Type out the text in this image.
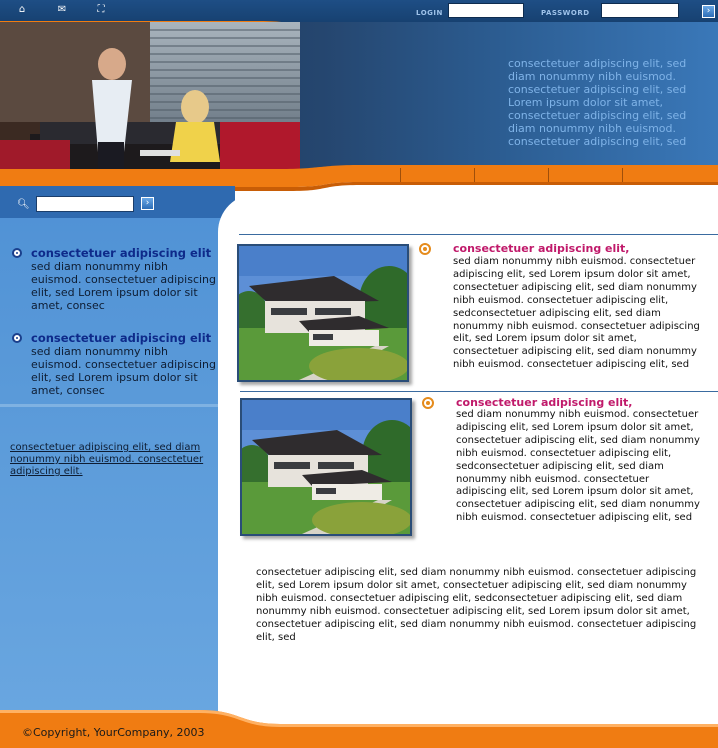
⌂	✉	⛶	LOGIN	PASSWORD	›
consectetuer adipiscing elit, sed diam nonummy nibh euismod. consectetuer adipiscing elit, sed Lorem ipsum dolor sit amet, consectetuer adipiscing elit, sed diam nonummy nibh euismod. consectetuer adipiscing elit, sed
🔍︎	›
consectetuer adipiscing elit
sed diam nonummy nibh euismod. consectetuer adipiscing elit, sed Lorem ipsum dolor sit amet, consec
consectetuer adipiscing elit
sed diam nonummy nibh euismod. consectetuer adipiscing elit, sed Lorem ipsum dolor sit amet, consec
consectetuer adipiscing elit, sed diam nonummy nibh euismod. consectetuer adipiscing elit.
consectetuer adipiscing elit,
sed diam nonummy nibh euismod. consectetuer adipiscing elit, sed Lorem ipsum dolor sit amet, consectetuer adipiscing elit, sed diam nonummy nibh euismod. consectetuer adipiscing elit, sedconsectetuer adipiscing elit, sed diam nonummy nibh euismod. consectetuer adipiscing elit, sed Lorem ipsum dolor sit amet, consectetuer adipiscing elit, sed diam nonummy nibh euismod. consectetuer adipiscing elit, sed
consectetuer adipiscing elit,
sed diam nonummy nibh euismod. consectetuer adipiscing elit, sed Lorem ipsum dolor sit amet, consectetuer adipiscing elit, sed diam nonummy nibh euismod. consectetuer adipiscing elit, sedconsectetuer adipiscing elit, sed diam nonummy nibh euismod. consectetuer adipiscing elit, sed Lorem ipsum dolor sit amet, consectetuer adipiscing elit, sed diam nonummy nibh euismod. consectetuer adipiscing elit, sed
consectetuer adipiscing elit, sed diam nonummy nibh euismod. consectetuer adipiscing elit, sed Lorem ipsum dolor sit amet, consectetuer adipiscing elit, sed diam nonummy nibh euismod. consectetuer adipiscing elit, sedconsectetuer adipiscing elit, sed diam nonummy nibh euismod. consectetuer adipiscing elit, sed Lorem ipsum dolor sit amet, consectetuer adipiscing elit, sed diam nonummy nibh euismod. consectetuer adipiscing elit, sed
©Copyright, YourCompany, 2003
